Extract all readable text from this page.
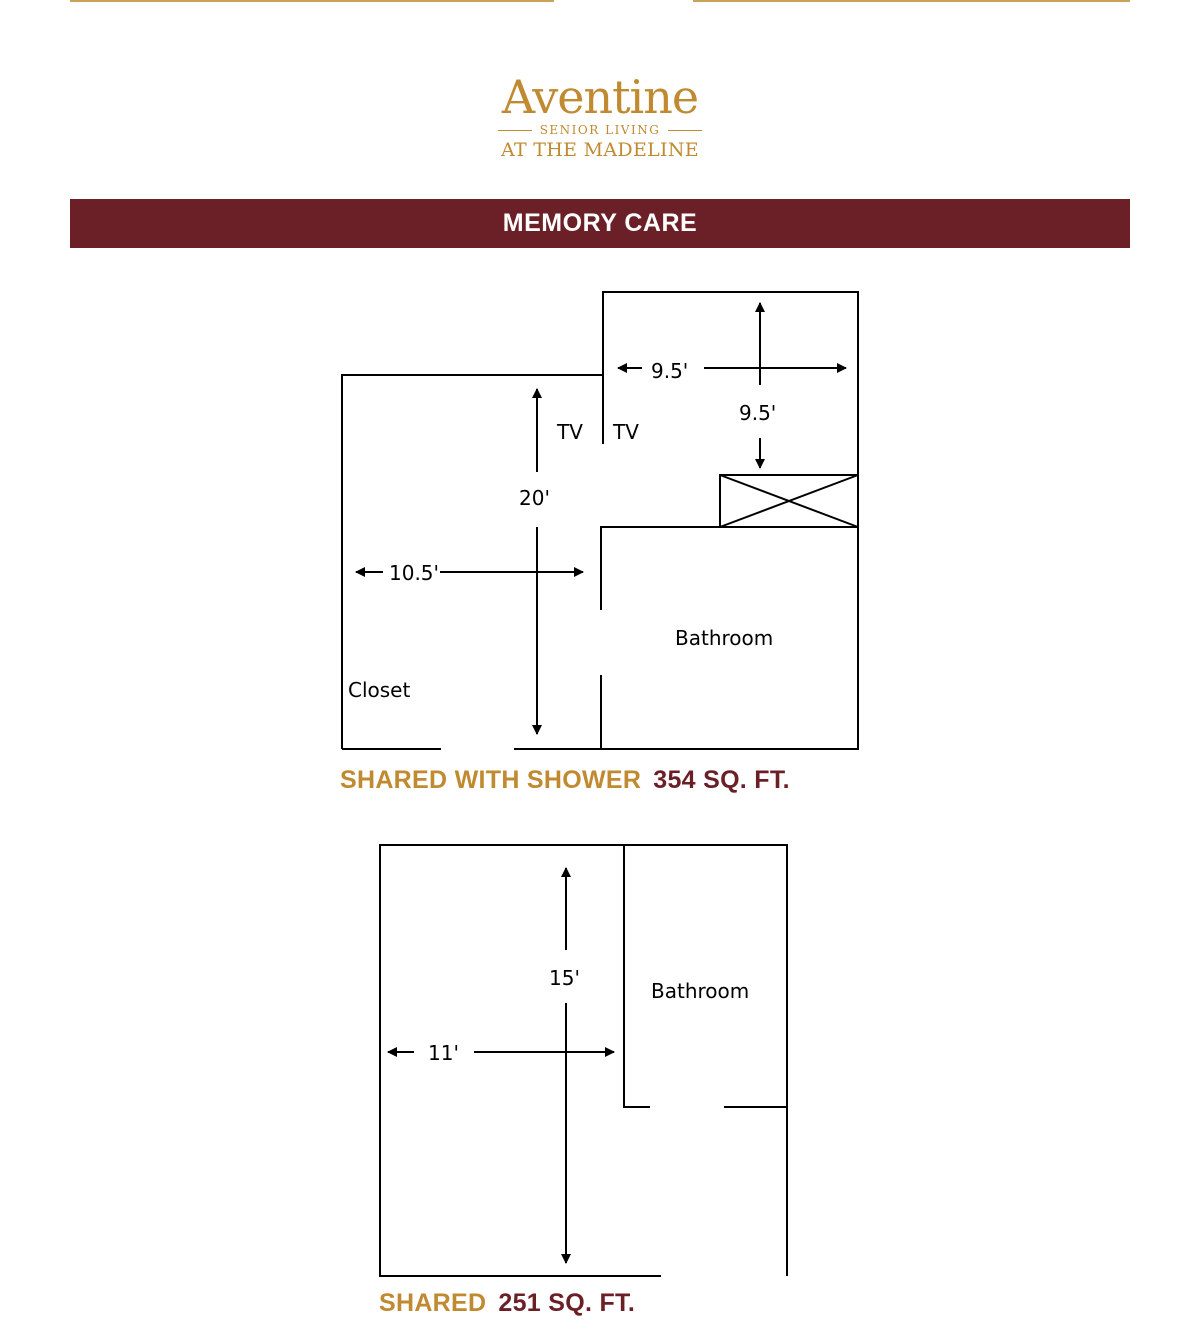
Aventine
SENIOR LIVING
AT THE MADELINE
MEMORY CARE
9.5'
9.5'
20'
10.5'
TV TV
Bathroom
Closet
15'
11'
Bathroom
SHARED WITH SHOWER 354 SQ. FT.
SHARED 251 SQ. FT.
